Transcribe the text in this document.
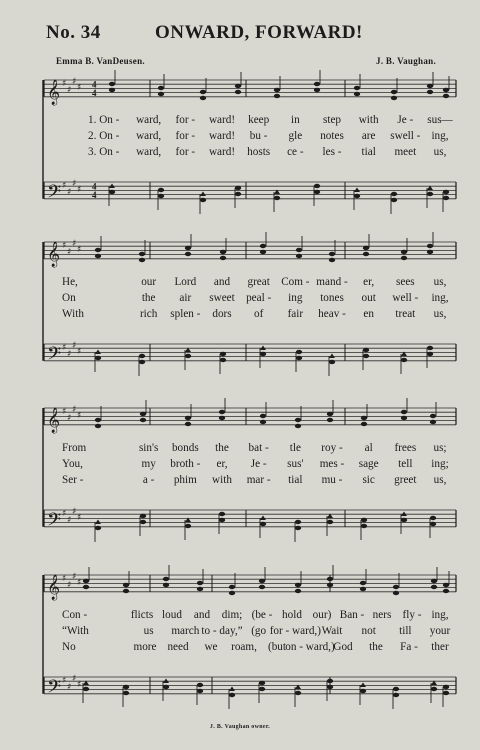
No. 34	ONWARD, FORWARD!
Emma B. VanDeusen.	J. B. Vaughan.
𝄞 ♯
♯
♯
♯
𝄢 ♯
♯
♯
♯
4
4
4
4
1. On - ward, for - ward! keep in step with Je - sus—
2. On - ward, for - ward! bu - gle notes are swell - ing,
3. On - ward, for - ward! hosts ce - les - tial meet us,
𝄞 ♯
♯
♯
♯
𝄢 ♯
♯
♯
♯
He,	our Lord and great Com - mand - er, sees us,
On	the air sweet peal - ing tones out well - ing,
With	rich splen - dors of fair heav - en treat us,
𝄞 ♯
♯
♯
♯
𝄢 ♯
♯
♯
♯
From	sin's bonds the bat - tle roy - al frees us;
You,	my broth - er, Je - sus' mes - sage tell ing;
Ser -	a - phim with mar - tial mu - sic greet us,
𝄞 ♯
♯
♯
♯
𝄢 ♯
♯
♯
♯
Con -	flicts loud and dim; (be - hold our) Ban - ners fly - ing,
“With	us march to - day,” (go for - ward,) Wait not till your
No	more need we roam, (but on - ward,)
God the Fa - ther
J. B. Vaughan owner.
